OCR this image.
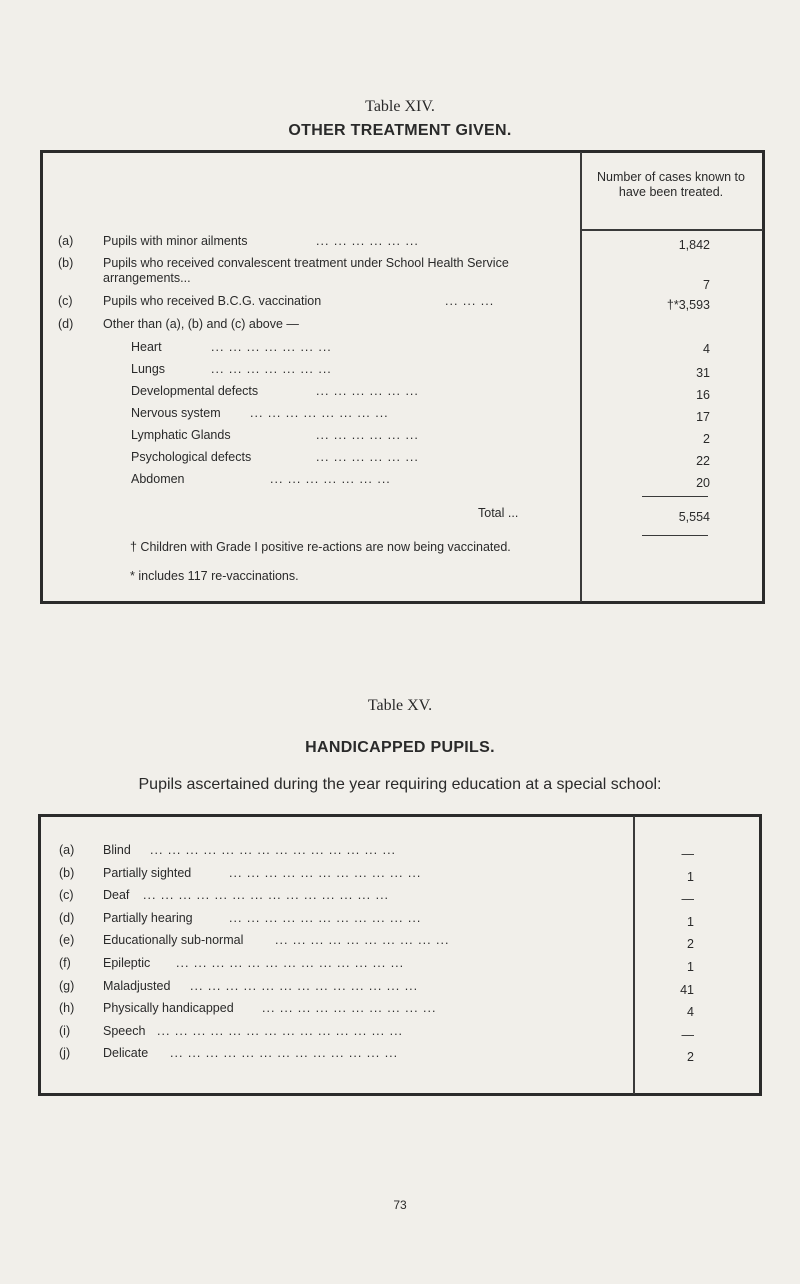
Table XIV.
OTHER TREATMENT GIVEN.
Number of cases known to have been treated.
(a) Pupils with minor ailments	... ... ... ... ... ...	1,842
(b) Pupils who received convalescent treatment under School Health Service arrangements...	7
(c) Pupils who received B.C.G. vaccination	... ... ...	†*3,593
(d) Other than (a), (b) and (c) above —
Heart	... ... ... ... ... ... ...	4
Lungs	... ... ... ... ... ... ...	31
Developmental defects	... ... ... ... ... ...	16
Nervous system ... ... ... ... ... ... ... ...	17
Lymphatic Glands	... ... ... ... ... ...	2
Psychological defects	... ... ... ... ... ...	22
Abdomen	... ... ... ... ... ... ...	20
Total ...	5,554
† Children with Grade I positive re-actions are now being vaccinated.
* includes 117 re-vaccinations.
Table XV.
HANDICAPPED PUPILS.
Pupils ascertained during the year requiring education at a special school:
(a) Blind ... ... ... ... ... ... ... ... ... ... ... ... ... ...	—
(b) Partially sighted	... ... ... ... ... ... ... ... ... ... ...	1
(c) Deaf ... ... ... ... ... ... ... ... ... ... ... ... ... ...	—
(d) Partially hearing	... ... ... ... ... ... ... ... ... ... ...	1
(e) Educationally sub-normal	... ... ... ... ... ... ... ... ... ...	2
(f)	Epileptic ... ... ... ... ... ... ... ... ... ... ... ... ...	1
(g) Maladjusted ... ... ... ... ... ... ... ... ... ... ... ... ...	41
(h) Physically handicapped ... ... ... ... ... ... ... ... ... ...	4
(i)	Speech ... ... ... ... ... ... ... ... ... ... ... ... ... ...	—
(j)	Delicate ... ... ... ... ... ... ... ... ... ... ... ... ...	2
73
